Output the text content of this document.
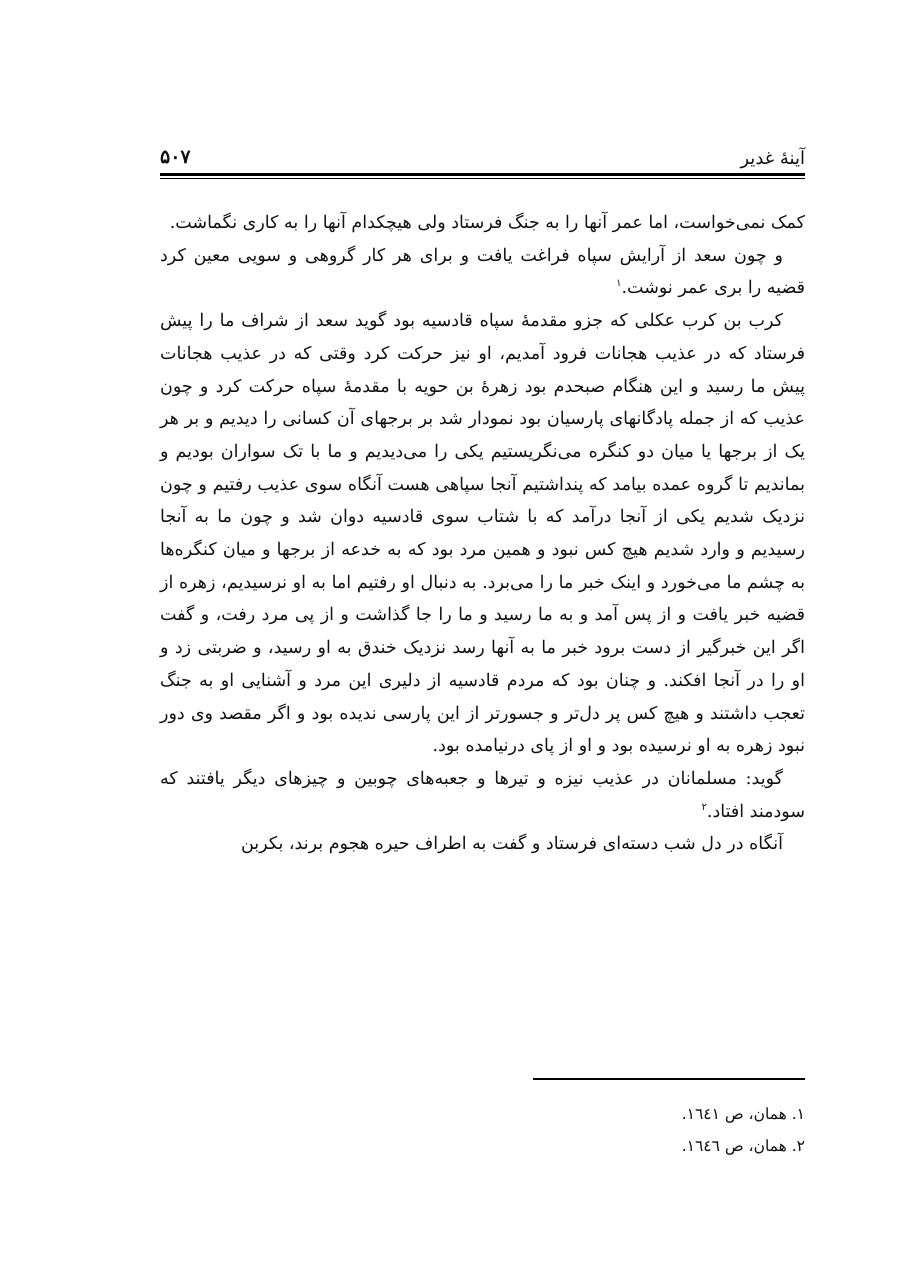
آینهٔ غدیر
۵۰۷

کمک نمی‌خواست، اما عمر آنها را به جنگ فرستاد ولی هیچکدام آنها را به کاری نگماشت.

و چون سعد از آرایش سپاه فراغت یافت و برای هر کار گروهی و سویی معین کرد قضیه را بری عمر نوشت.$^۱$

کرب بن کرب عکلی که جزو مقدمهٔ سپاه قادسیه بود گوید سعد از شراف ما را پیش فرستاد که در عذیب هجانات فرود آمدیم، او نیز حرکت کرد وقتی که در عذیب هجانات پیش ما رسید و این هنگام صبحدم بود زهرهٔ بن حویه با مقدمهٔ سپاه حرکت کرد و چون عذیب که از جمله پادگانهای پارسیان بود نمودار شد بر برجهای آن کسانی را دیدیم و بر هر یک از برجها یا میان دو کنگره می‌نگریستیم یکی را می‌دیدیم و ما با تک سواران بودیم و بماندیم تا گروه عمده بیامد که پنداشتیم آنجا سپاهی هست آنگاه سوی عذیب رفتیم و چون نزدیک شدیم یکی از آنجا درآمد که با شتاب سوی قادسیه دوان شد و چون ما به آنجا رسیدیم و وارد شدیم هیچ کس نبود و همین مرد بود که به خدعه از برجها و میان کنگره‌ها به چشم ما می‌خورد و اینک خبر ما را می‌برد. به دنبال او رفتیم اما به او نرسیدیم، زهره از قضیه خبر یافت و از پس آمد و به ما رسید و ما را جا گذاشت و از پی مرد رفت، و گفت اگر این خبرگیر از دست برود خبر ما به آنها رسد نزدیک خندق به او رسید، و ضربتی زد و او را در آنجا افکند. و چنان بود که مردم قادسیه از دلیری این مرد و آشنایی او به جنگ تعجب داشتند و هیچ کس پر دل‌تر و جسورتر از این پارسی ندیده بود و اگر مقصد وی دور نبود زهره به او نرسیده بود و او از پای درنیامده بود.

گوید: مسلمانان در عذیب نیزه و تیرها و جعبه‌های چوبین و چیزهای دیگر یافتند که سودمند افتاد.$^۲$

آنگاه در دل شب دسته‌ای فرستاد و گفت به اطراف حیره هجوم برند، بکربن

۱. همان، ص ۱٦٤۱.
۲. همان، ص ۱٦٤٦.
